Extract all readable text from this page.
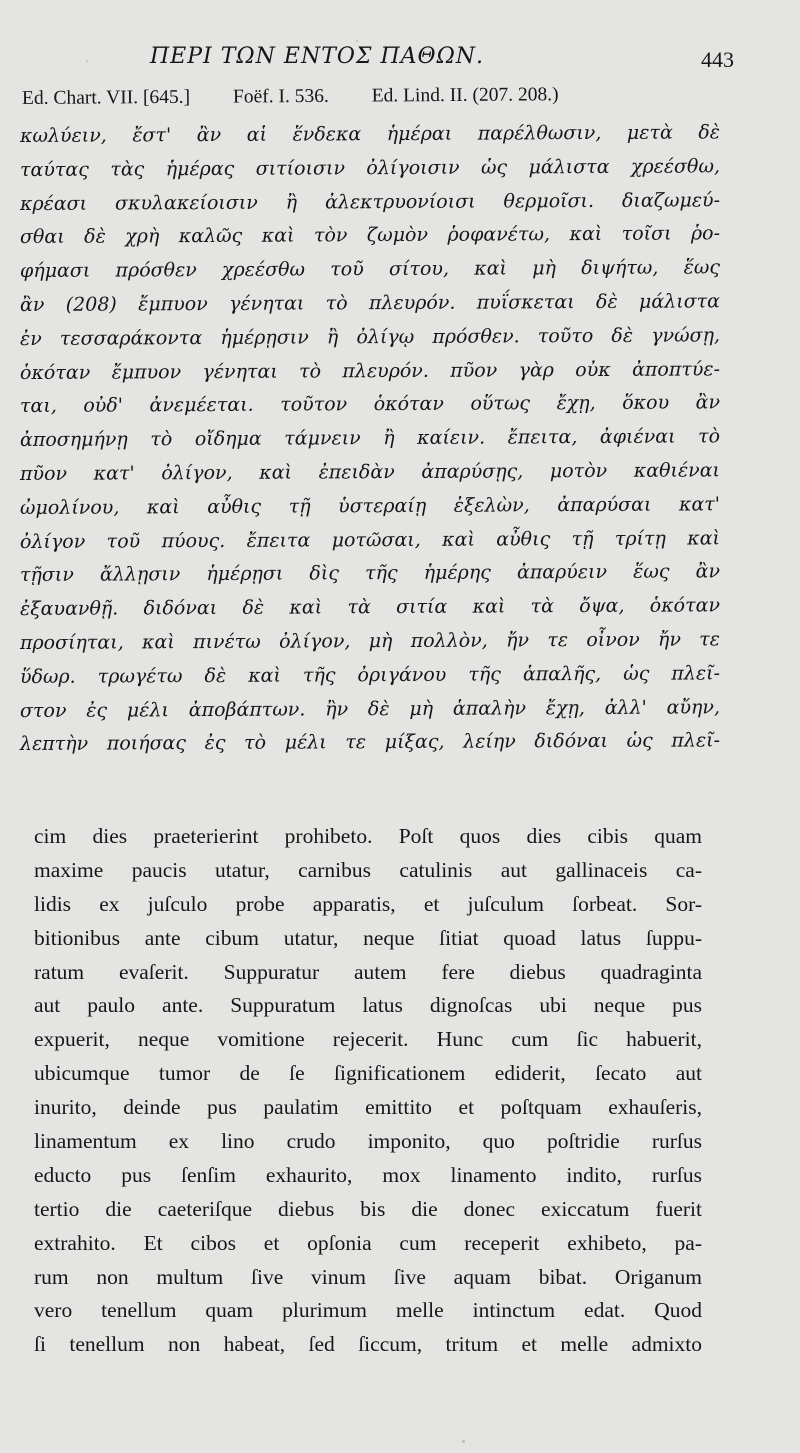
ΠΕΡΙ ΤΩΝ ΕΝΤΟΣ ΠΑΘΩΝ.	443
Ed. Chart. VII. [645.] Foëf. I. 536. Ed. Lind. II. (207. 208.)
κωλύειν, ἔστ' ἂν αἱ ἕνδεκα ἡμέραι παρέλθωσιν, μετὰ δὲ
ταύτας τὰς ἡμέρας σιτίοισιν ὀλίγοισιν ὡς μάλιστα χρεέσθω,
κρέασι σκυλακείοισιν ἢ ἀλεκτρυονίοισι θερμοῖσι. διαζωμεύ-
σθαι δὲ χρὴ καλῶς καὶ τὸν ζωμὸν ῥοφανέτω, καὶ τοῖσι ῥο-
φήμασι πρόσθεν χρεέσθω τοῦ σίτου, καὶ μὴ διψήτω, ἕως
ἂν (208) ἔμπυον γένηται τὸ πλευρόν. πυΐσκεται δὲ μάλιστα
ἐν τεσσαράκοντα ἡμέρῃσιν ἢ ὀλίγῳ πρόσθεν. τοῦτο δὲ γνώσῃ,
ὁκόταν ἔμπυον γένηται τὸ πλευρόν. πῦον γὰρ οὐκ ἀποπτύε-
ται, οὐδ' ἀνεμέεται. τοῦτον ὁκόταν οὕτως ἔχῃ, ὅκου ἂν
ἀποσημήνῃ τὸ οἴδημα τάμνειν ἢ καίειν. ἔπειτα, ἀφιέναι τὸ
πῦον κατ' ὀλίγον, καὶ ἐπειδὰν ἀπαρύσῃς, μοτὸν καθιέναι
ὠμολίνου, καὶ αὖθις τῇ ὑστεραίῃ ἐξελὼν, ἀπαρύσαι κατ'
ὀλίγον τοῦ πύους. ἔπειτα μοτῶσαι, καὶ αὖθις τῇ τρίτῃ καὶ
τῇσιν ἄλλῃσιν ἡμέρῃσι δὶς τῆς ἡμέρης ἀπαρύειν ἕως ἂν
ἐξαυανθῇ. διδόναι δὲ καὶ τὰ σιτία καὶ τὰ ὄψα, ὁκόταν
προσίηται, καὶ πινέτω ὀλίγον, μὴ πολλὸν, ἤν τε οἶνον ἤν τε
ὕδωρ. τρωγέτω δὲ καὶ τῆς ὀριγάνου τῆς ἁπαλῆς, ὡς πλεῖ-
στον ἐς μέλι ἀποβάπτων. ἢν δὲ μὴ ἁπαλὴν ἔχῃ, ἀλλ' αὔην,
λεπτὴν ποιήσας ἐς τὸ μέλι τε μίξας, λείην διδόναι ὡς πλεῖ-
cim dies praeterierint prohibeto. Poſt quos dies cibis quam
maxime paucis utatur, carnibus catulinis aut gallinaceis ca-
lidis ex juſculo probe apparatis, et juſculum ſorbeat. Sor-
bitionibus ante cibum utatur, neque ſitiat quoad latus ſuppu-
ratum evaſerit. Suppuratur autem fere diebus quadraginta
aut paulo ante. Suppuratum latus dignoſcas ubi neque pus
expuerit, neque vomitione rejecerit. Hunc cum ſic habuerit,
ubicumque tumor de ſe ſignificationem ediderit, ſecato aut
inurito, deinde pus paulatim emittito et poſtquam exhauſeris,
linamentum ex lino crudo imponito, quo poſtridie rurſus
educto pus ſenſim exhaurito, mox linamento indito, rurſus
tertio die caeteriſque diebus bis die donec exiccatum fuerit
extrahito. Et cibos et opſonia cum receperit exhibeto, pa-
rum non multum ſive vinum ſive aquam bibat. Origanum
vero tenellum quam plurimum melle intinctum edat. Quod
ſi tenellum non habeat, ſed ſiccum, tritum et melle admixto
